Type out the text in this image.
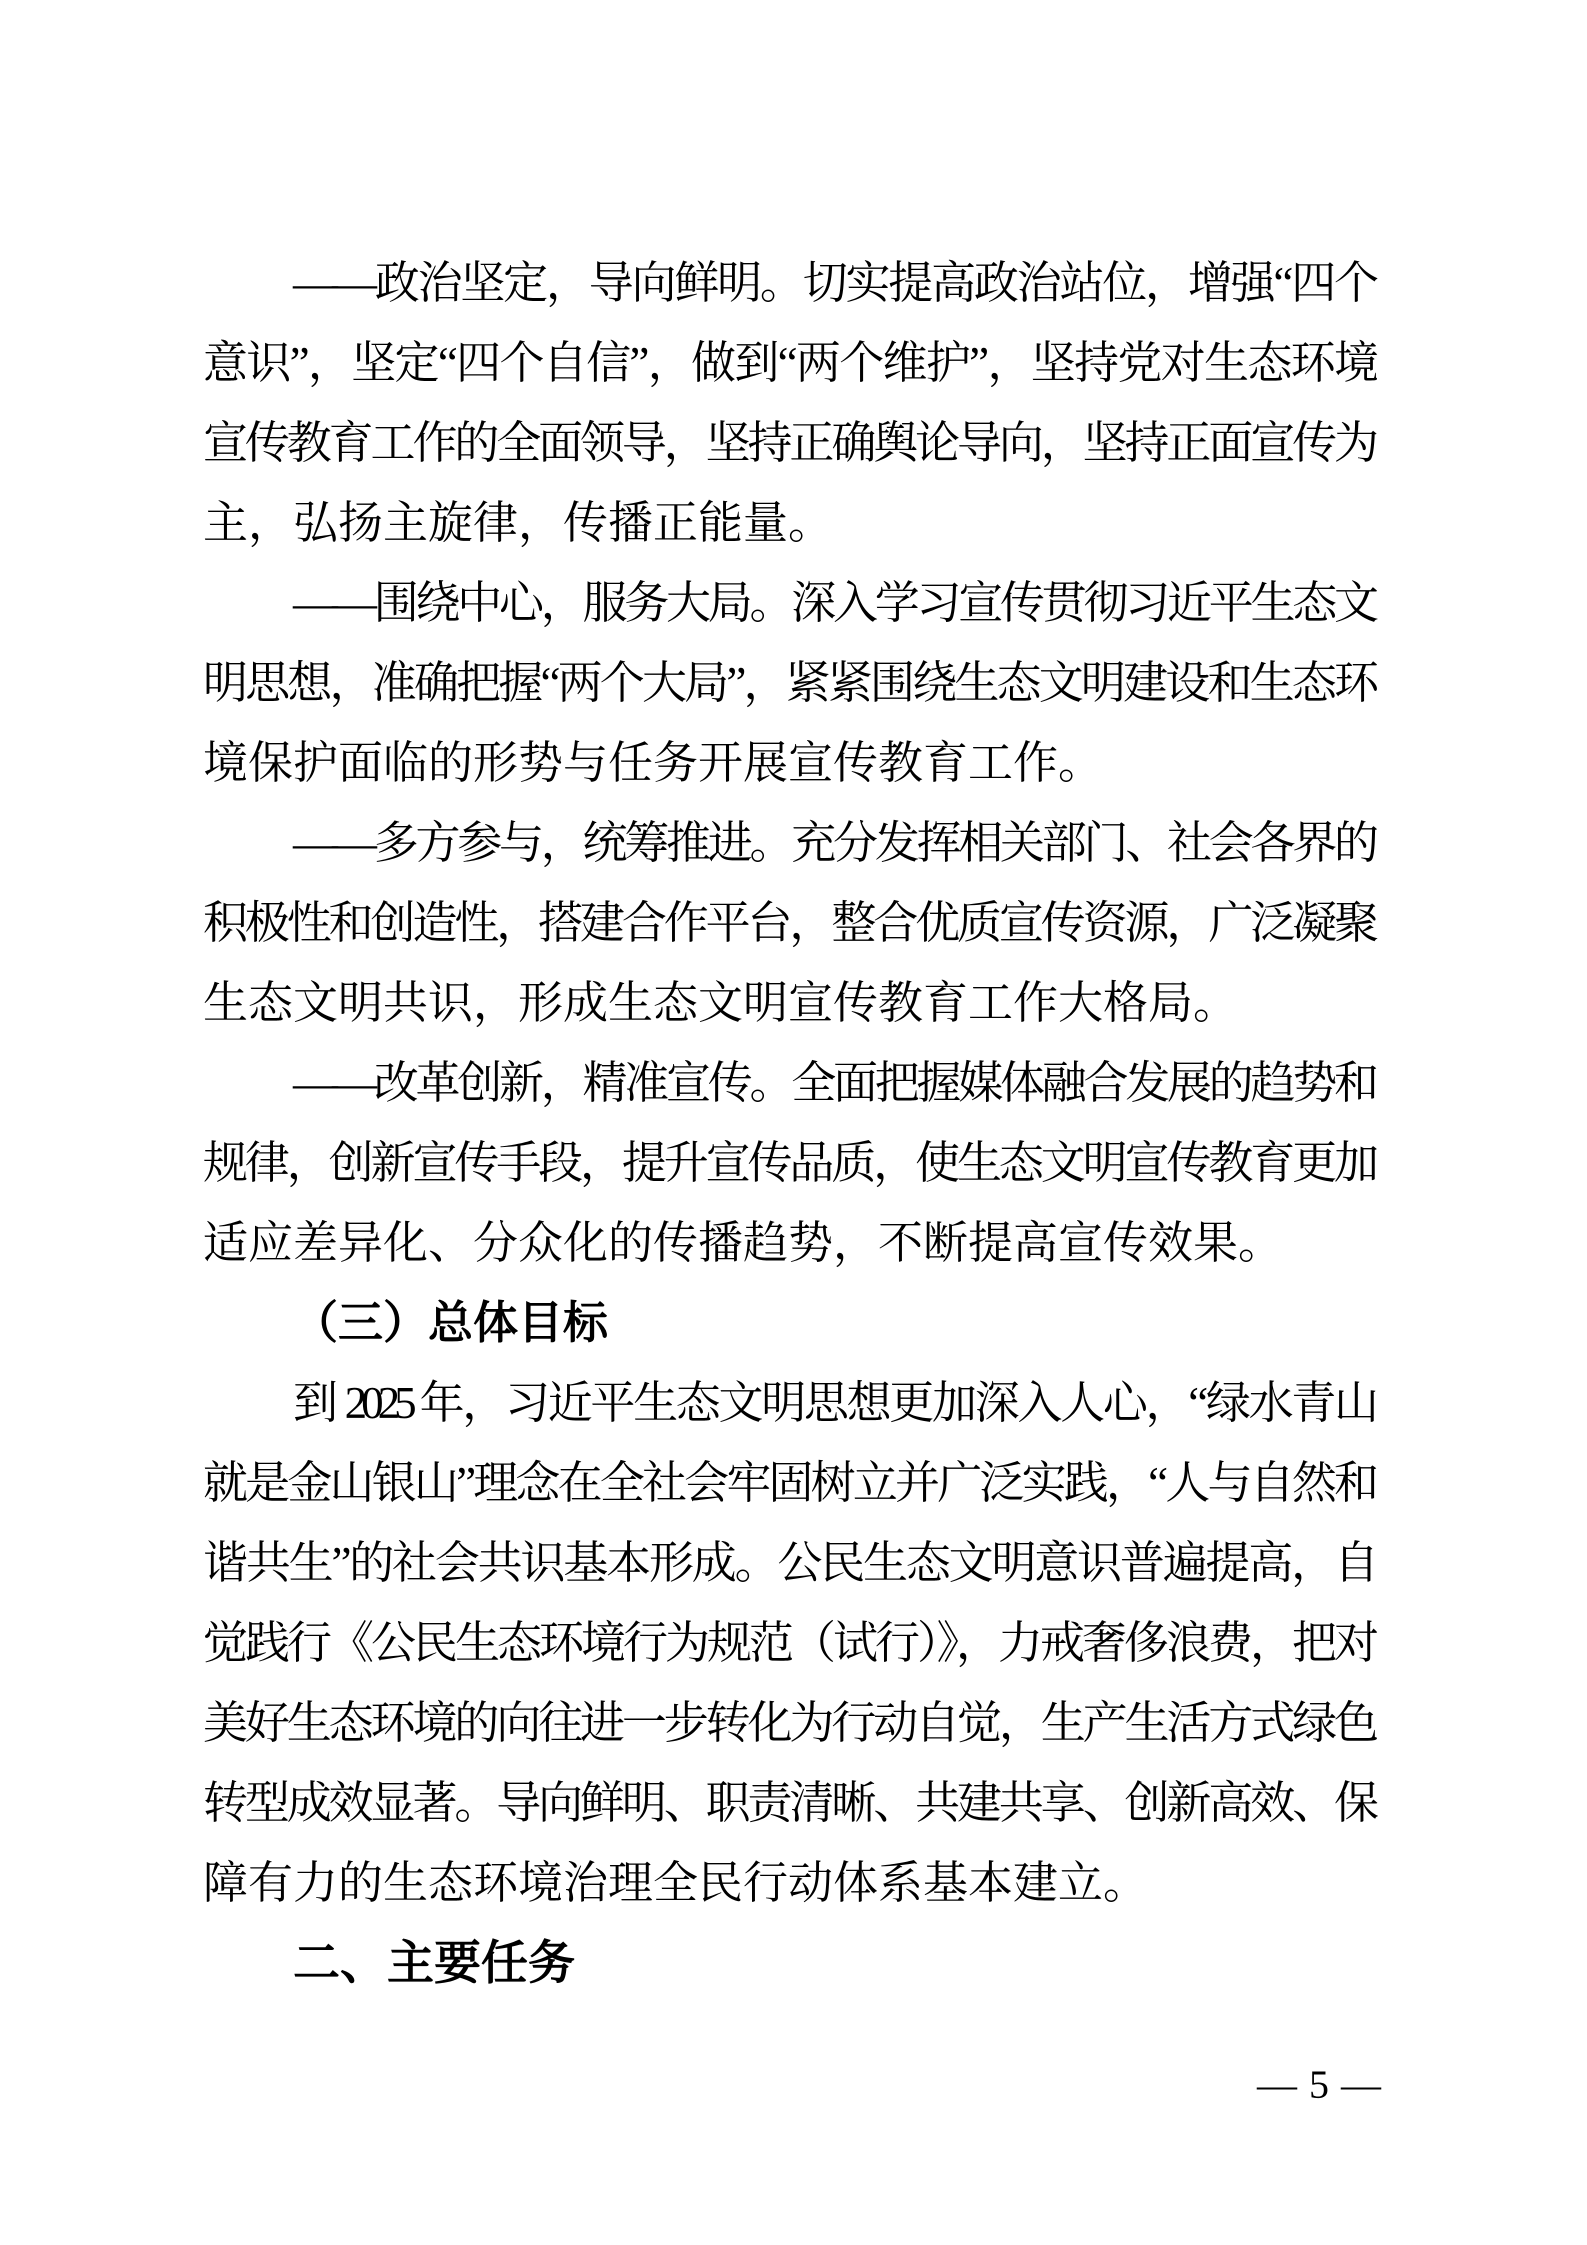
——政治坚定，导向鲜明。切实提高政治站位，增强“四个
意识”，坚定“四个自信”，做到“两个维护”，坚持党对生态环境
宣传教育工作的全面领导，坚持正确舆论导向，坚持正面宣传为
主，弘扬主旋律，传播正能量。
——围绕中心，服务大局。深入学习宣传贯彻习近平生态文
明思想，准确把握“两个大局”，紧紧围绕生态文明建设和生态环
境保护面临的形势与任务开展宣传教育工作。
——多方参与，统筹推进。充分发挥相关部门、社会各界的
积极性和创造性，搭建合作平台，整合优质宣传资源，广泛凝聚
生态文明共识，形成生态文明宣传教育工作大格局。
——改革创新，精准宣传。全面把握媒体融合发展的趋势和
规律，创新宣传手段，提升宣传品质，使生态文明宣传教育更加
适应差异化、分众化的传播趋势，不断提高宣传效果。
（三）总体目标
到 2025 年，习近平生态文明思想更加深入人心，“绿水青山
就是金山银山”理念在全社会牢固树立并广泛实践，“人与自然和
谐共生”的社会共识基本形成。公民生态文明意识普遍提高，自
觉践行《公民生态环境行为规范（试行）》，力戒奢侈浪费，把对
美好生态环境的向往进一步转化为行动自觉，生产生活方式绿色
转型成效显著。导向鲜明、职责清晰、共建共享、创新高效、保
障有力的生态环境治理全民行动体系基本建立。
二、主要任务
— 5 —
